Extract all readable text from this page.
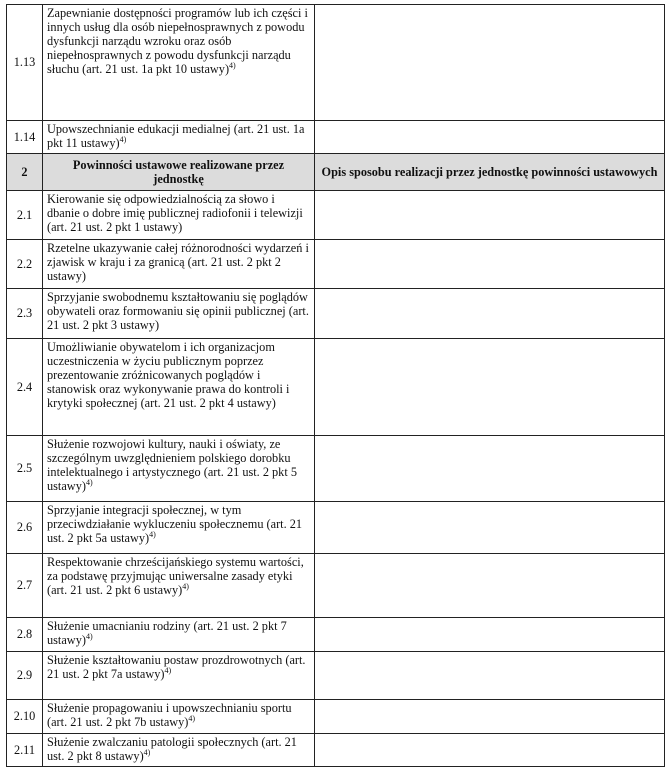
1.13	Zapewnianie dostępności programów lub ich części i innych usług dla osób niepełnosprawnych z powodu dysfunkcji narządu wzroku oraz osób niepełnosprawnych z powodu dysfunkcji narządu słuchu (art. 21 ust. 1a pkt 10 ustawy)$^{4)}$	
1.14	Upowszechnianie edukacji medialnej (art. 21 ust. 1a pkt 11 ustawy)$^{4)}$	
2	Powinności ustawowe realizowane przez jednostkę	Opis sposobu realizacji przez jednostkę powinności ustawowych
2.1	Kierowanie się odpowiedzialnością za słowo i dbanie o dobre imię publicznej radiofonii i telewizji (art. 21 ust. 2 pkt 1 ustawy)	
2.2	Rzetelne ukazywanie całej różnorodności wydarzeń i zjawisk w kraju i za granicą (art. 21 ust. 2 pkt 2 ustawy)	
2.3	Sprzyjanie swobodnemu kształtowaniu się poglądów obywateli oraz formowaniu się opinii publicznej (art. 21 ust. 2 pkt 3 ustawy)	
2.4	Umożliwianie obywatelom i ich organizacjom uczestniczenia w życiu publicznym poprzez prezentowanie zróżnicowanych poglądów i stanowisk oraz wykonywanie prawa do kontroli i krytyki społecznej (art. 21 ust. 2 pkt 4 ustawy)	
2.5	Służenie rozwojowi kultury, nauki i oświaty, ze szczególnym uwzględnieniem polskiego dorobku intelektualnego i artystycznego (art. 21 ust. 2 pkt 5 ustawy)$^{4)}$	
2.6	Sprzyjanie integracji społecznej, w tym przeciwdziałanie wykluczeniu społecznemu (art. 21 ust. 2 pkt 5a ustawy)$^{4)}$	
2.7	Respektowanie chrześcijańskiego systemu wartości, za podstawę przyjmując uniwersalne zasady etyki (art. 21 ust. 2 pkt 6 ustawy)$^{4)}$	
2.8	Służenie umacnianiu rodziny (art. 21 ust. 2 pkt 7 ustawy)$^{4)}$	
2.9	Służenie kształtowaniu postaw prozdrowotnych (art. 21 ust. 2 pkt 7a ustawy)$^{4)}$	
2.10	Służenie propagowaniu i upowszechnianiu sportu (art. 21 ust. 2 pkt 7b ustawy)$^{4)}$	
2.11	Służenie zwalczaniu patologii społecznych (art. 21 ust. 2 pkt 8 ustawy)$^{4)}$	
